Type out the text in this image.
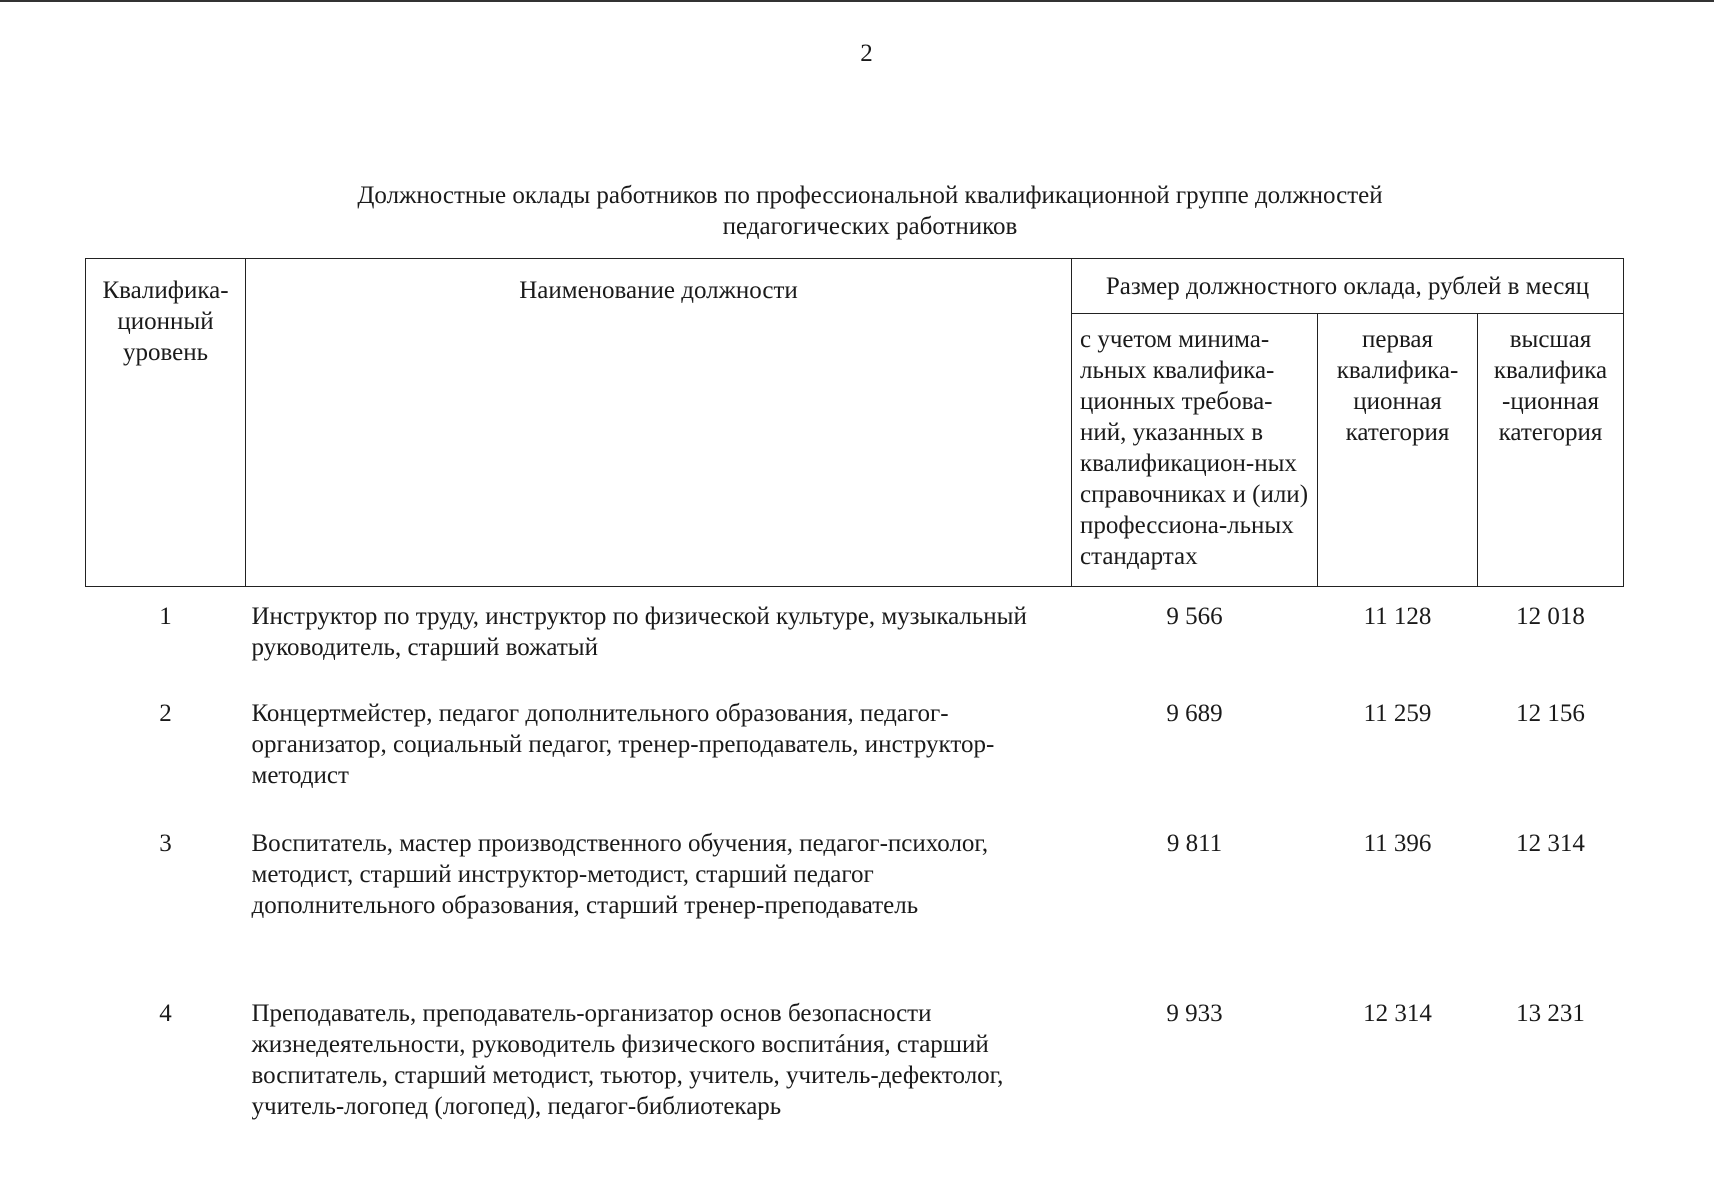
2
Должностные оклады работников по профессиональной квалификационной группе должностей
педагогических работников
Квалифика-ционный уровень	Наименование должности	Размер должностного оклада, рублей в месяц		
		с учетом минима-льных квалифика-ционных требова-ний, указанных в квалификацион-ных справочниках и (или) профессиона-льных стандартах	первая квалифика-ционная категория	высшая квалифика -ционная категория
1	Инструктор по труду, инструктор по физической культуре, музыкальный руководитель, старший вожатый	9 566	11 128	12 018
2	Концертмейстер, педагог дополнительного образования, педагог-организатор, социальный педагог, тренер-преподаватель, инструктор-методист	9 689	11 259	12 156
3	Воспитатель, мастер производственного обучения, педагог-психолог, методист, старший инструктор-методист, старший педагог дополнительного образования, старший тренер-преподаватель	9 811	11 396	12 314
4	Преподаватель, преподаватель-организатор основ безопасности жизнедеятельности, руководитель физического воспитáния, старший воспитатель, старший методист, тьютор, учитель, учитель-дефектолог, учитель-логопед (логопед), педагог-библиотекарь	9 933	12 314	13 231
